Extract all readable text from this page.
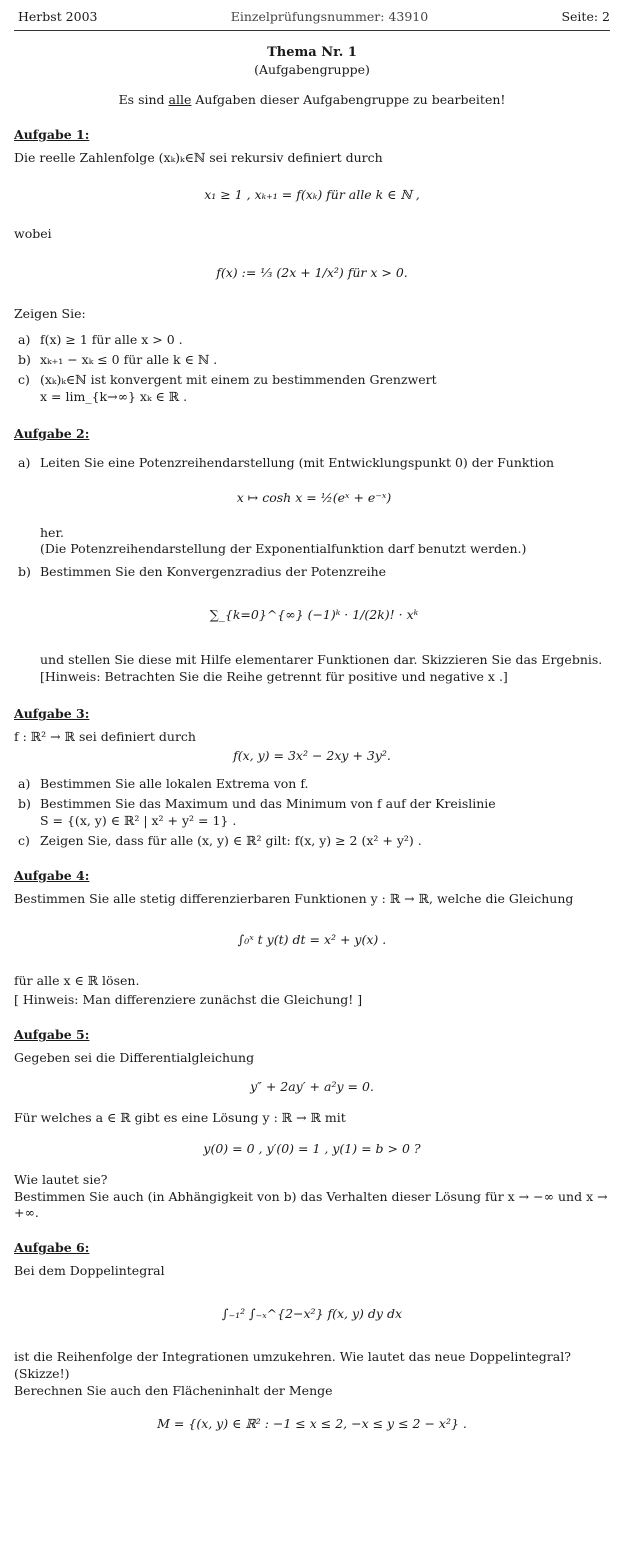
Herbst 2003	Einzelprüfungsnummer: 43910	Seite: 2
Thema Nr. 1
(Aufgabengruppe)
Es sind alle Aufgaben dieser Aufgabengruppe zu bearbeiten!
Aufgabe 1:
Die reelle Zahlenfolge (xₖ)ₖ∈ℕ sei rekursiv definiert durch
x₁ ≥ 1 , xₖ₊₁ = f(xₖ) für alle k ∈ ℕ ,
wobei
f(x) := ⅓ (2x + 1/x²) für x > 0.
Zeigen Sie:
a) f(x) ≥ 1 für alle x > 0 .
b) xₖ₊₁ − xₖ ≤ 0 für alle k ∈ ℕ .
c) (xₖ)ₖ∈ℕ ist konvergent mit einem zu bestimmenden Grenzwert
x = lim_{k→∞} xₖ ∈ ℝ .
Aufgabe 2:
a) Leiten Sie eine Potenzreihendarstellung (mit Entwicklungspunkt 0) der Funktion
x ↦ cosh x = ½(eˣ + e⁻ˣ)
her.
(Die Potenzreihendarstellung der Exponentialfunktion darf benutzt werden.)
b) Bestimmen Sie den Konvergenzradius der Potenzreihe
∑_{k=0}^{∞} (−1)ᵏ · 1/(2k)! · xᵏ
und stellen Sie diese mit Hilfe elementarer Funktionen dar. Skizzieren Sie das Ergebnis.
[Hinweis: Betrachten Sie die Reihe getrennt für positive und negative x .]
Aufgabe 3:
f : ℝ² → ℝ sei definiert durch
f(x, y) = 3x² − 2xy + 3y².
a) Bestimmen Sie alle lokalen Extrema von f.
b) Bestimmen Sie das Maximum und das Minimum von f auf der Kreislinie
S = {(x, y) ∈ ℝ² | x² + y² = 1} .
c) Zeigen Sie, dass für alle (x, y) ∈ ℝ² gilt: f(x, y) ≥ 2 (x² + y²) .
Aufgabe 4:
Bestimmen Sie alle stetig differenzierbaren Funktionen y : ℝ → ℝ, welche die Gleichung
∫₀ˣ t y(t) dt = x² + y(x) .
für alle x ∈ ℝ lösen.
[ Hinweis: Man differenziere zunächst die Gleichung! ]
Aufgabe 5:
Gegeben sei die Differentialgleichung
y″ + 2ay′ + a²y = 0.
Für welches a ∈ ℝ gibt es eine Lösung y : ℝ → ℝ mit
y(0) = 0 , y′(0) = 1 , y(1) = b > 0 ?
Wie lautet sie?
Bestimmen Sie auch (in Abhängigkeit von b) das Verhalten dieser Lösung für x → −∞ und x → +∞.
Aufgabe 6:
Bei dem Doppelintegral
∫₋₁² ∫₋ₓ^{2−x²} f(x, y) dy dx
ist die Reihenfolge der Integrationen umzukehren. Wie lautet das neue Doppelintegral? (Skizze!)
Berechnen Sie auch den Flächeninhalt der Menge
M = {(x, y) ∈ ℝ² : −1 ≤ x ≤ 2, −x ≤ y ≤ 2 − x²} .
